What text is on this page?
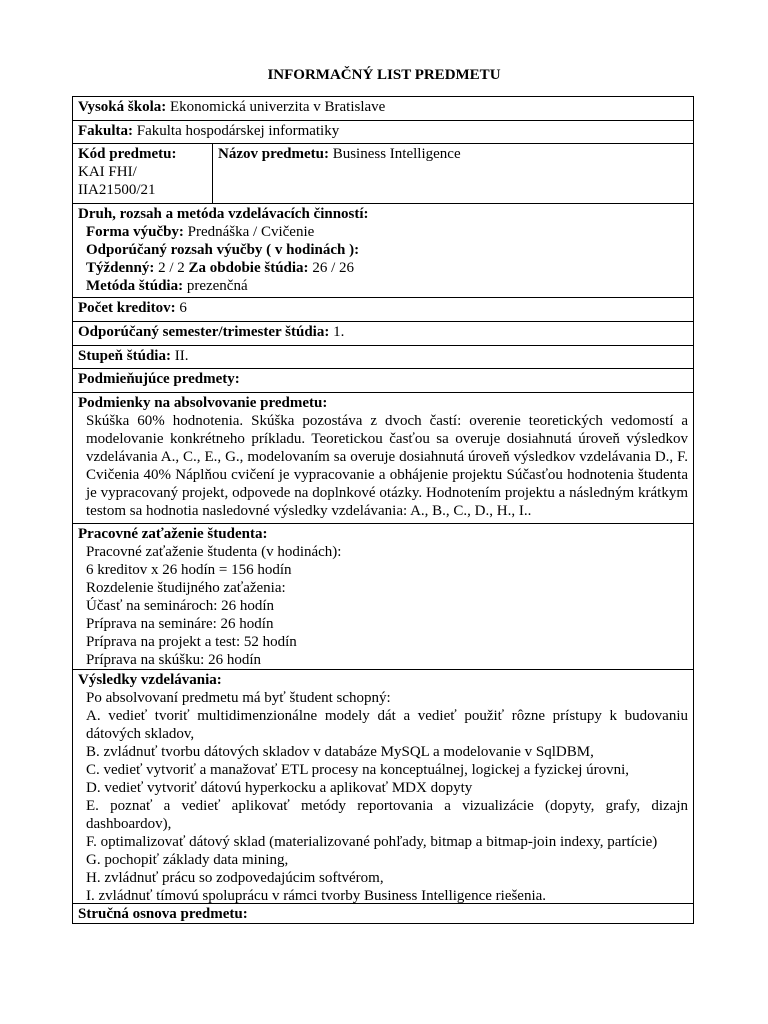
INFORMAČNÝ LIST PREDMETU
Vysoká škola: Ekonomická univerzita v Bratislave
Fakulta: Fakulta hospodárskej informatiky
Kód predmetu:
KAI FHI/
IIA21500/21
Názov predmetu: Business Intelligence
Druh, rozsah a metóda vzdelávacích činností:
Forma výučby: Prednáška / Cvičenie
Odporúčaný rozsah výučby ( v hodinách ):
Týždenný: 2 / 2 Za obdobie štúdia: 26 / 26
Metóda štúdia: prezenčná
Počet kreditov: 6
Odporúčaný semester/trimester štúdia: 1.
Stupeň štúdia: II.
Podmieňujúce predmety:
Podmienky na absolvovanie predmetu:
Skúška 60% hodnotenia. Skúška pozostáva z dvoch častí: overenie teoretických vedomostí a modelovanie konkrétneho príkladu. Teoretickou časťou sa overuje dosiahnutá úroveň výsledkov vzdelávania A., C., E., G., modelovaním sa overuje dosiahnutá úroveň výsledkov vzdelávania D., F. Cvičenia 40% Náplňou cvičení je vypracovanie a obhájenie projektu Súčasťou hodnotenia študenta je vypracovaný projekt, odpovede na doplnkové otázky. Hodnotením projektu a následným krátkym testom sa hodnotia nasledovné výsledky vzdelávania: A., B., C., D., H., I..
Pracovné zaťaženie študenta:
Pracovné zaťaženie študenta (v hodinách):
6 kreditov x 26 hodín = 156 hodín
Rozdelenie študijného zaťaženia:
Účasť na seminároch: 26 hodín
Príprava na semináre: 26 hodín
Príprava na projekt a test: 52 hodín
Príprava na skúšku: 26 hodín
Výsledky vzdelávania:
Po absolvovaní predmetu má byť študent schopný:
A. vedieť tvoriť multidimenzionálne modely dát a vedieť použiť rôzne prístupy k budovaniu dátových skladov,
B. zvládnuť tvorbu dátových skladov v databáze MySQL a modelovanie v SqlDBM,
C. vedieť vytvoriť a manažovať ETL procesy na konceptuálnej, logickej a fyzickej úrovni,
D. vedieť vytvoriť dátovú hyperkocku a aplikovať MDX dopyty
E. poznať a vedieť aplikovať metódy reportovania a vizualizácie (dopyty, grafy, dizajn dashboardov),
F. optimalizovať dátový sklad (materializované pohľady, bitmap a bitmap-join indexy, partície)
G. pochopiť základy data mining,
H. zvládnuť prácu so zodpovedajúcim softvérom,
I. zvládnuť tímovú spoluprácu v rámci tvorby Business Intelligence riešenia.
Stručná osnova predmetu:
